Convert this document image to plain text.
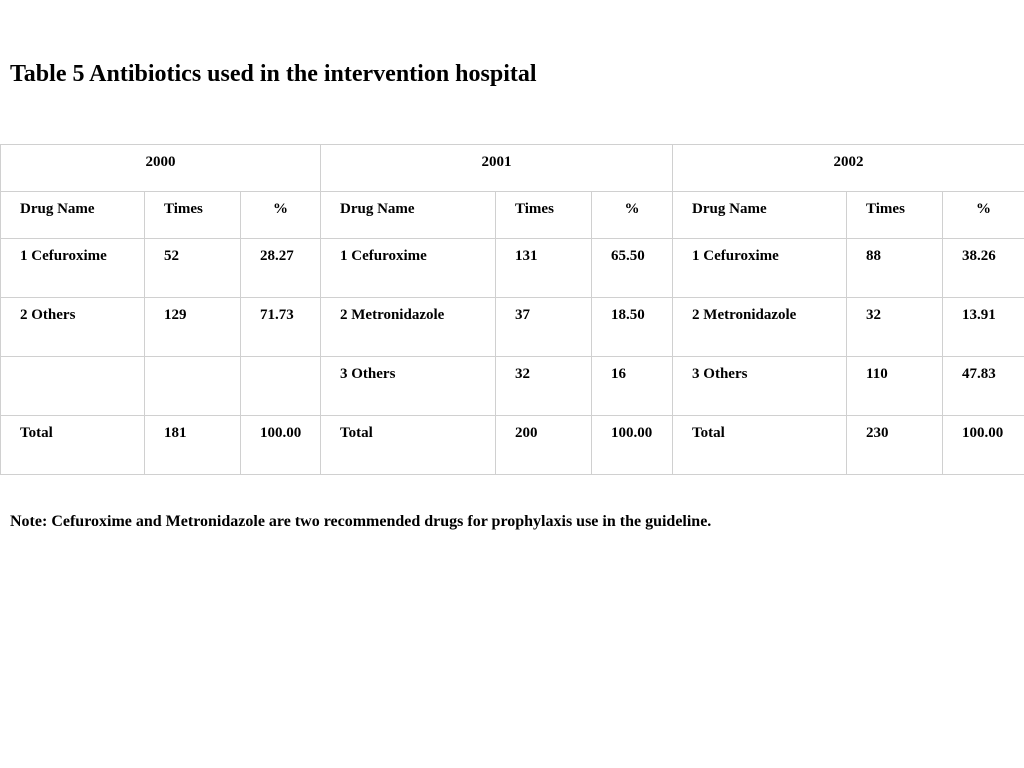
Table 5 Antibiotics used in the intervention hospital
2000			2001			2002		
Drug Name	Times	%	Drug Name	Times	%	Drug Name	Times	%
1 Cefuroxime	52	28.27	1 Cefuroxime	131	65.50	1 Cefuroxime	88	38.26
2 Others	129	71.73	2 Metronidazole	37	18.50	2 Metronidazole	32	13.91
			3 Others	32	16	3 Others	110	47.83
Total	181	100.00	Total	200	100.00	Total	230	100.00

Note: Cefuroxime and Metronidazole are two recommended drugs for prophylaxis use in the guideline.
